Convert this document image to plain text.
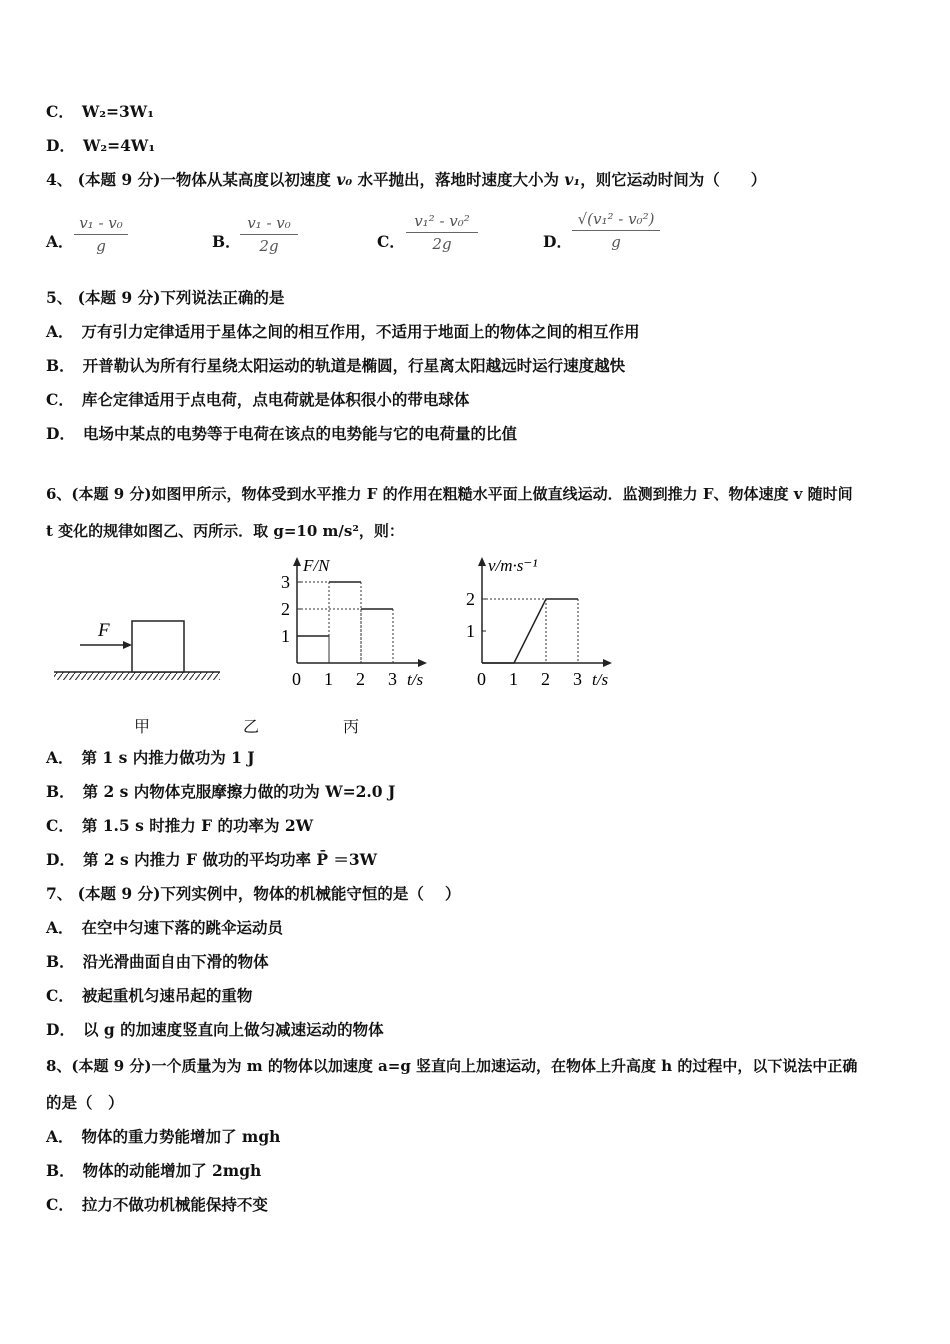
C． W₂=3W₁
D． W₂=4W₁
4、 (本题 9 分)一物体从某高度以初速度 v₀ 水平抛出，落地时速度大小为 v₁，则它运动时间为（　　）
A． $\frac{\text{v₁ - v₀}}{g}$	B． $\frac{\text{v₁ - v₀}}{2g}$	C． $\frac{\text{v₁² - v₀²}}{2g}$	D． $\frac{\text{√(v₁² - v₀²)}}{g}$
5、 (本题 9 分)下列说法正确的是
A． 万有引力定律适用于星体之间的相互作用，不适用于地面上的物体之间的相互作用
B． 开普勒认为所有行星绕太阳运动的轨道是椭圆，行星离太阳越远时运行速度越快
C． 库仑定律适用于点电荷，点电荷就是体积很小的带电球体
D． 电场中某点的电势等于电荷在该点的电势能与它的电荷量的比值
6、(本题 9 分)如图甲所示，物体受到水平推力 F 的作用在粗糙水平面上做直线运动．监测到推力 F、物体速度 v 随时间
t 变化的规律如图乙、丙所示．取 g=10 m/s²，则：
F
0 1 2 3 t/s
1
2
3
F/N
0 1 2 3 t/s
1
2
v/m·s⁻¹
甲	乙	丙
A． 第 1 s 内推力做功为 1 J
B． 第 2 s 内物体克服摩擦力做的功为 W=2.0 J
C． 第 1.5 s 时推力 F 的功率为 2W
D． 第 2 s 内推力 F 做功的平均功率 P̄ ＝3W
7、 (本题 9 分)下列实例中，物体的机械能守恒的是（　 ）
A． 在空中匀速下落的跳伞运动员
B． 沿光滑曲面自由下滑的物体
C． 被起重机匀速吊起的重物
D． 以 g 的加速度竖直向上做匀减速运动的物体
8、(本题 9 分)一个质量为为 m 的物体以加速度 a=g 竖直向上加速运动，在物体上升高度 h 的过程中，以下说法中正确
的是（　）
A． 物体的重力势能增加了 mgh
B． 物体的动能增加了 2mgh
C． 拉力不做功机械能保持不变
